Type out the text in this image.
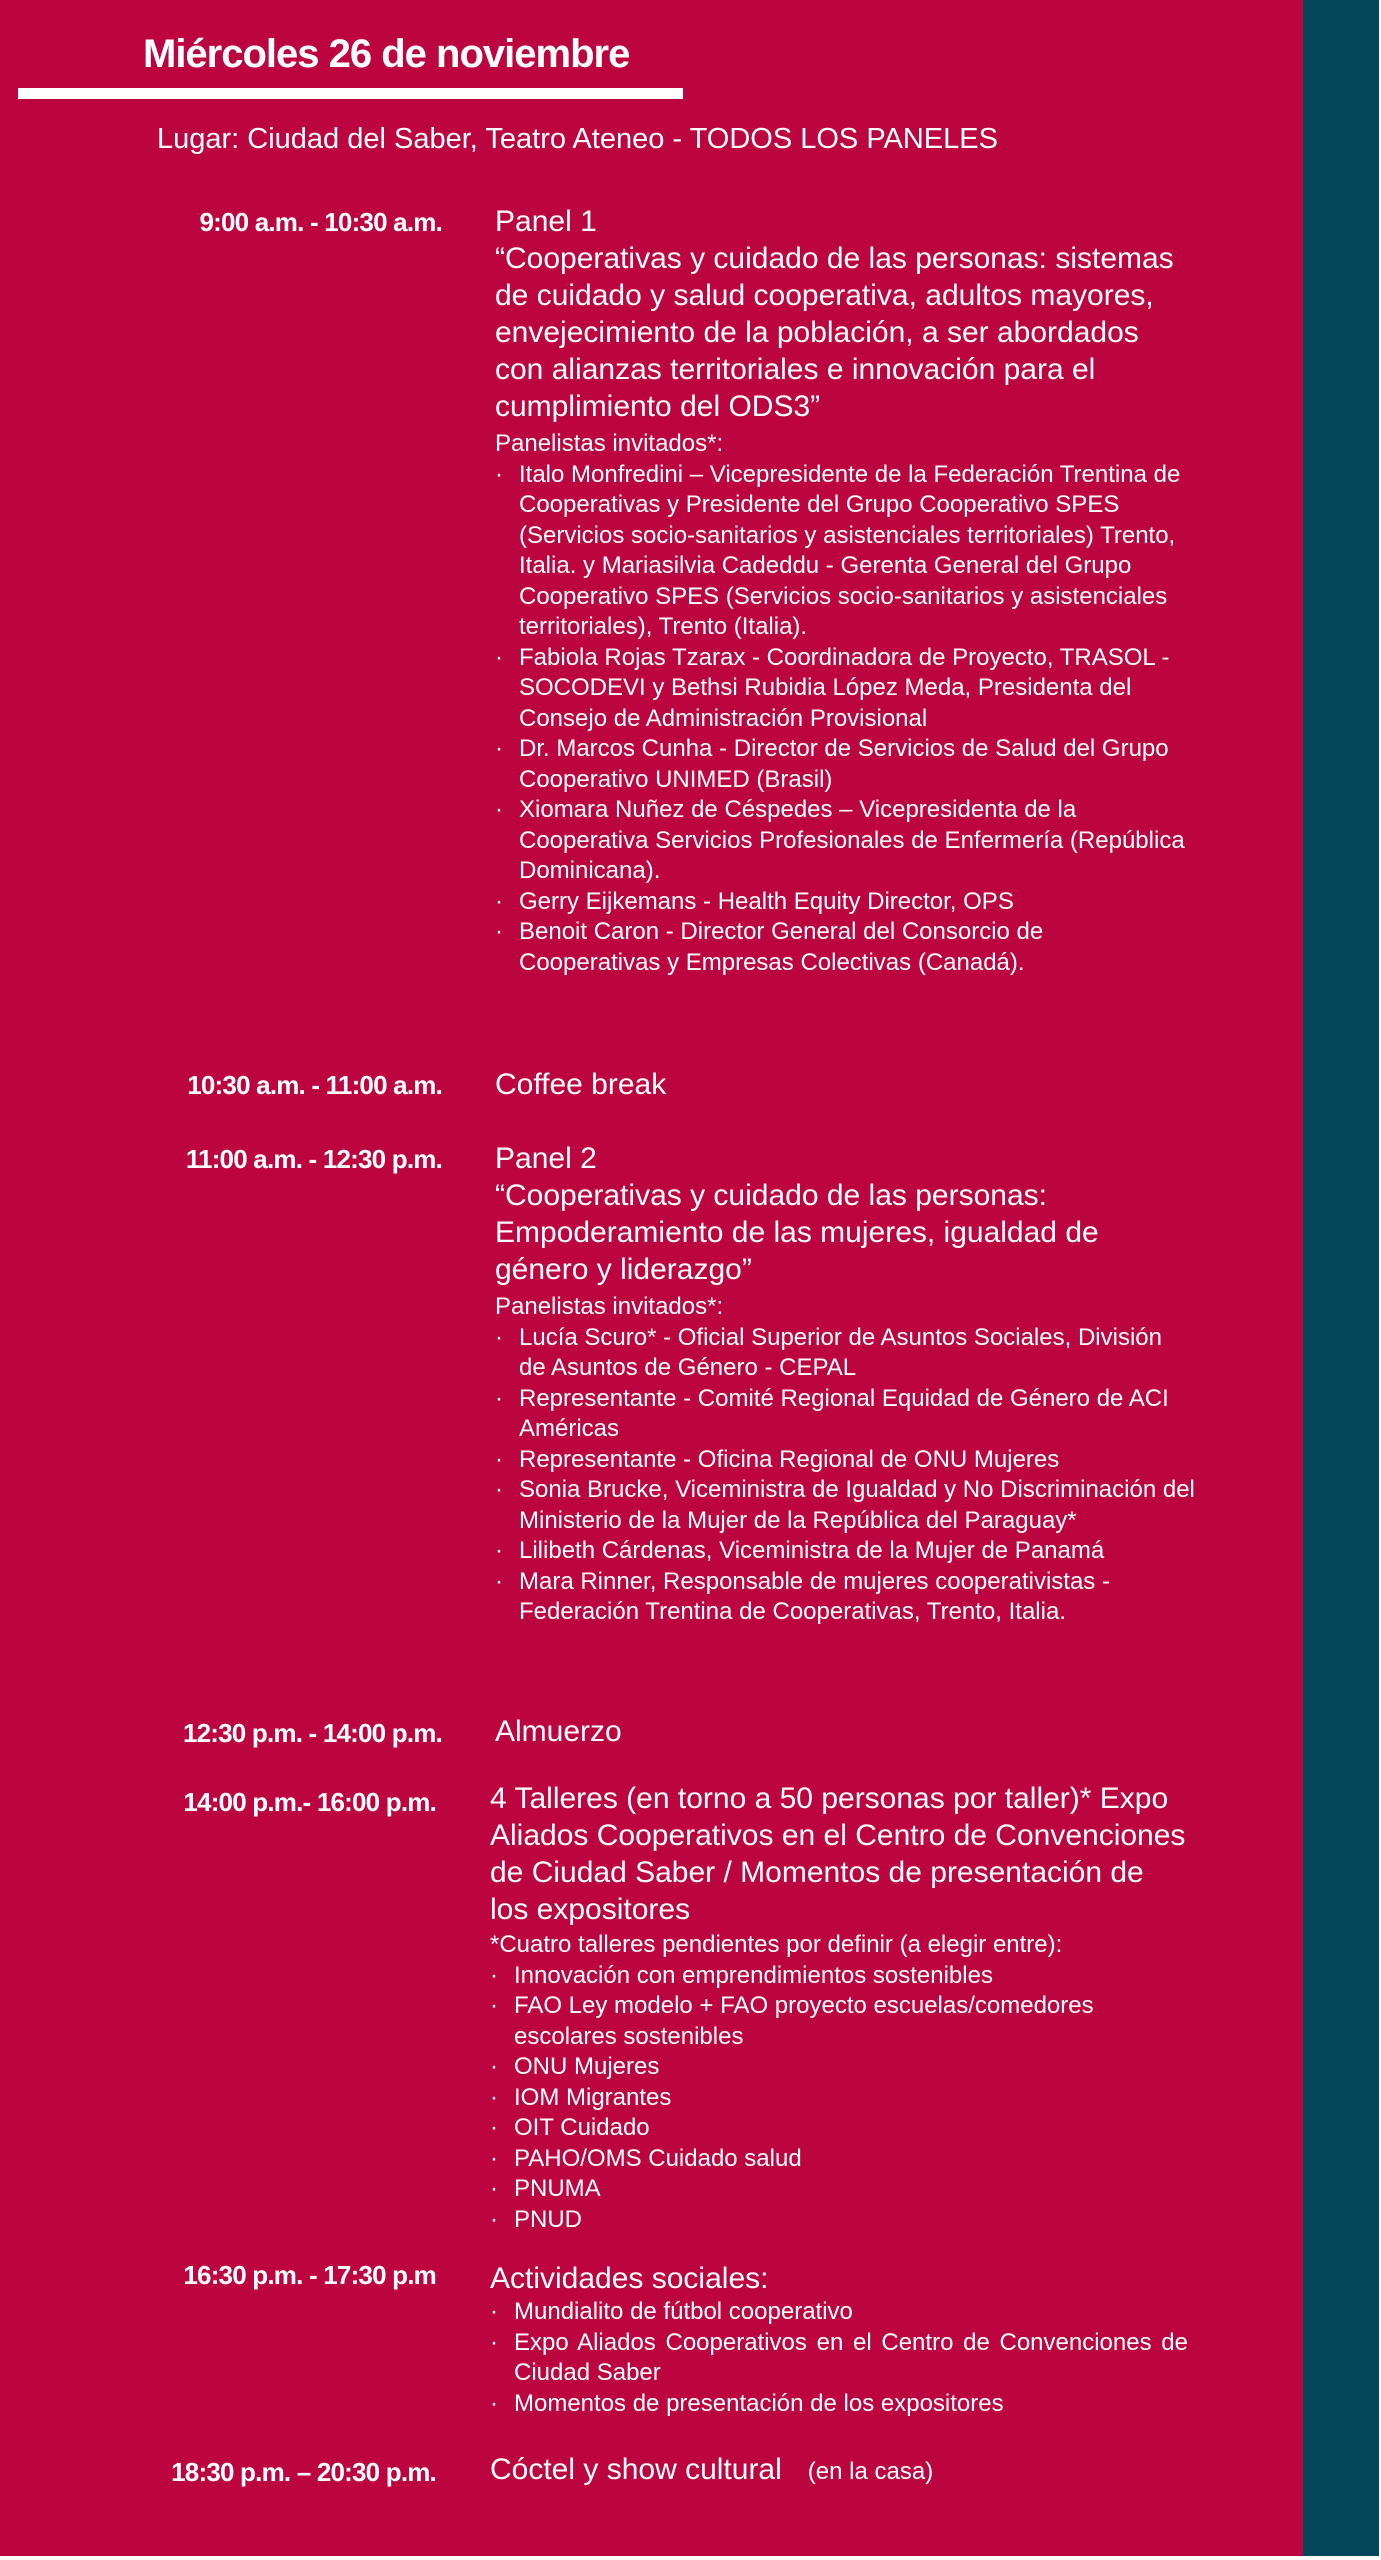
Miércoles 26 de noviembre
Lugar: Ciudad del Saber, Teatro Ateneo - TODOS LOS PANELES
9:00 a.m. - 10:30 a.m. Panel 1
“Cooperativas y cuidado de las personas: sistemas de cuidado y salud cooperativa, adultos mayores, envejecimiento de la población, a ser abordados con alianzas territoriales e innovación para el cumplimiento del ODS3”
Panelistas invitados*:
· Italo Monfredini – Vicepresidente de la Federación Trentina de Cooperativas y Presidente del Grupo Cooperativo SPES (Servicios socio-sanitarios y asistenciales territoriales) Trento, Italia. y Mariasilvia Cadeddu - Gerenta General del Grupo Cooperativo SPES (Servicios socio-sanitarios y asistenciales territoriales), Trento (Italia).
· Fabiola Rojas Tzarax - Coordinadora de Proyecto, TRASOL - SOCODEVI y Bethsi Rubidia López Meda, Presidenta del Consejo de Administración Provisional
· Dr. Marcos Cunha - Director de Servicios de Salud del Grupo Cooperativo UNIMED (Brasil)
· Xiomara Nuñez de Céspedes – Vicepresidenta de la Cooperativa Servicios Profesionales de Enfermería (República Dominicana).
· Gerry Eijkemans - Health Equity Director, OPS
· Benoit Caron - Director General del Consorcio de Cooperativas y Empresas Colectivas (Canadá).
10:30 a.m. - 11:00 a.m. Coffee break
11:00 a.m. - 12:30 p.m. Panel 2
“Cooperativas y cuidado de las personas: Empoderamiento de las mujeres, igualdad de género y liderazgo”
Panelistas invitados*:
· Lucía Scuro* - Oficial Superior de Asuntos Sociales, División de Asuntos de Género - CEPAL
· Representante - Comité Regional Equidad de Género de ACI Américas
· Representante - Oficina Regional de ONU Mujeres
· Sonia Brucke, Viceministra de Igualdad y No Discriminación del Ministerio de la Mujer de la República del Paraguay*
· Lilibeth Cárdenas, Viceministra de la Mujer de Panamá
· Mara Rinner, Responsable de mujeres cooperativistas - Federación Trentina de Cooperativas, Trento, Italia.
12:30 p.m. - 14:00 p.m. Almuerzo
14:00 p.m.- 16:00 p.m. 4 Talleres (en torno a 50 personas por taller)* Expo Aliados Cooperativos en el Centro de Convenciones de Ciudad Saber / Momentos de presentación de los expositores
*Cuatro talleres pendientes por definir (a elegir entre):
· Innovación con emprendimientos sostenibles
· FAO Ley modelo + FAO proyecto escuelas/comedores escolares sostenibles
· ONU Mujeres
· IOM Migrantes
· OIT Cuidado
· PAHO/OMS Cuidado salud
· PNUMA
· PNUD
16:30 p.m. - 17:30 p.m Actividades sociales:
· Mundialito de fútbol cooperativo
· Expo Aliados Cooperativos en el Centro de Convenciones de Ciudad Saber
· Momentos de presentación de los expositores
18:30 p.m. – 20:30 p.m. Cóctel y show cultural (en la casa)
